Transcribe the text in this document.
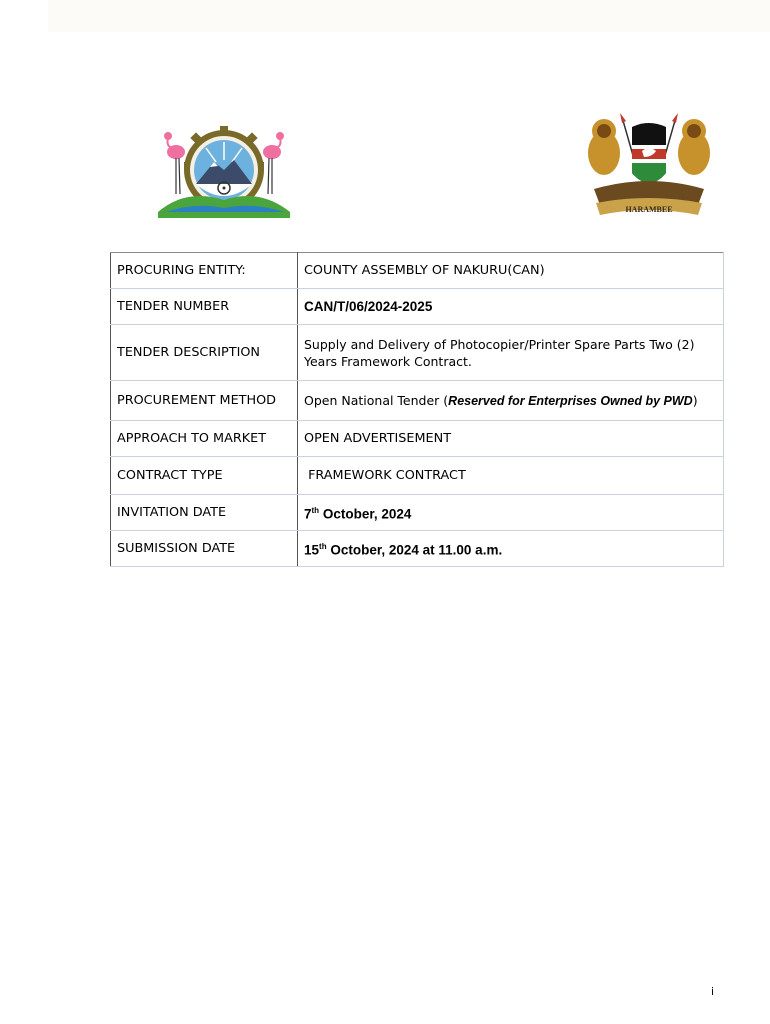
HARAMBEE
PROCURING ENTITY:	COUNTY ASSEMBLY OF NAKURU(CAN)
TENDER NUMBER	CAN/T/06/2024-2025
TENDER DESCRIPTION	Supply and Delivery of Photocopier/Printer Spare Parts Two (2) Years Framework Contract.
PROCUREMENT METHOD	Open National Tender (Reserved for Enterprises Owned by PWD)
APPROACH TO MARKET	OPEN ADVERTISEMENT
CONTRACT TYPE	FRAMEWORK CONTRACT
INVITATION DATE	7th October, 2024
SUBMISSION DATE	15th October, 2024 at 11.00 a.m.
i
